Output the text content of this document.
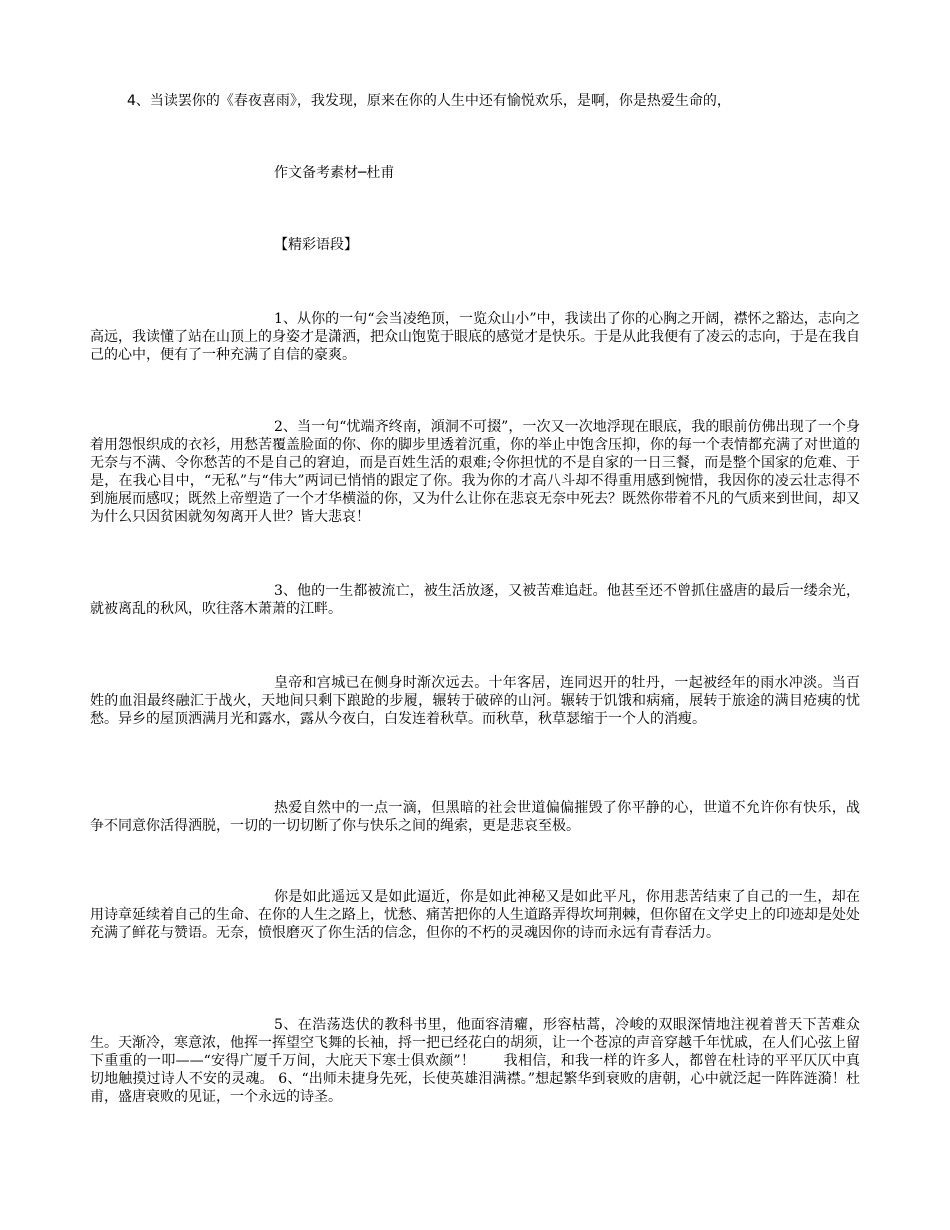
4、当读罢你的《春夜喜雨》，我发现，原来在你的人生中还有愉悦欢乐，是啊，你是热爱生命的，
作文备考素材─杜甫
【精彩语段】
1、从你的一句“会当凌绝顶，一览众山小”中，我读出了你的心胸之开阔，襟怀之豁达，志向之高远，我读懂了站在山顶上的身姿才是潇洒，把众山饱览于眼底的感觉才是快乐。于是从此我便有了凌云的志向，于是在我自己的心中，便有了一种充满了自信的豪爽。
2、当一句“忧端齐终南，澒洞不可掇”，一次又一次地浮现在眼底，我的眼前仿佛出现了一个身着用怨恨织成的衣衫，用愁苦覆盖脸面的你、你的脚步里透着沉重，你的举止中饱含压抑，你的每一个表情都充满了对世道的无奈与不满、令你愁苦的不是自己的窘迫，而是百姓生活的艰难;令你担忧的不是自家的一日三餐，而是整个国家的危难、于是，在我心目中，“无私”与“伟大”两词已悄悄的跟定了你。我为你的才高八斗却不得重用感到惋惜，我因你的凌云壮志得不到施展而感叹；既然上帝塑造了一个才华横溢的你，又为什么让你在悲哀无奈中死去？既然你带着不凡的气质来到世间，却又为什么只因贫困就匆匆离开人世？皆大悲哀！
3、他的一生都被流亡，被生活放逐，又被苦难追赶。他甚至还不曾抓住盛唐的最后一缕余光，就被离乱的秋风，吹往落木萧萧的江畔。
皇帝和宫城已在侧身时渐次远去。十年客居，连同迟开的牡丹，一起被经年的雨水冲淡。当百姓的血泪最终融汇于战火，天地间只剩下踉跄的步履，辗转于破碎的山河。辗转于饥饿和病痛，展转于旅途的满目疮痍的忧愁。异乡的屋顶洒满月光和露水，露从今夜白，白发连着秋草。而秋草，秋草瑟缩于一个人的消瘦。
热爱自然中的一点一滴，但黑暗的社会世道偏偏摧毁了你平静的心，世道不允许你有快乐，战争不同意你活得洒脱，一切的一切切断了你与快乐之间的绳索，更是悲哀至极。
你是如此遥远又是如此逼近，你是如此神秘又是如此平凡，你用悲苦结束了自己的一生，却在用诗章延续着自己的生命、在你的人生之路上，忧愁、痛苦把你的人生道路弄得坎坷荆棘，但你留在文学史上的印迹却是处处充满了鲜花与赞语。无奈，愤恨磨灭了你生活的信念，但你的不朽的灵魂因你的诗而永远有青春活力。
5、在浩荡迭伏的教科书里，他面容清癯，形容枯蒿，冷峻的双眼深情地注视着普天下苦难众生。天渐冷，寒意浓，他挥一挥望空飞舞的长袖，捋一把已经花白的胡须，让一个苍凉的声音穿越千年忧戚，在人们心弦上留下重重的一叩——“安得广厦千万间，大庇天下寒士俱欢颜”！　　我相信，和我一样的许多人，都曾在杜诗的平平仄仄中真切地触摸过诗人不安的灵魂。 6、“出师未捷身先死，长使英雄泪满襟。”想起繁华到衰败的唐朝，心中就泛起一阵阵涟漪！杜甫，盛唐衰败的见证，一个永远的诗圣。
